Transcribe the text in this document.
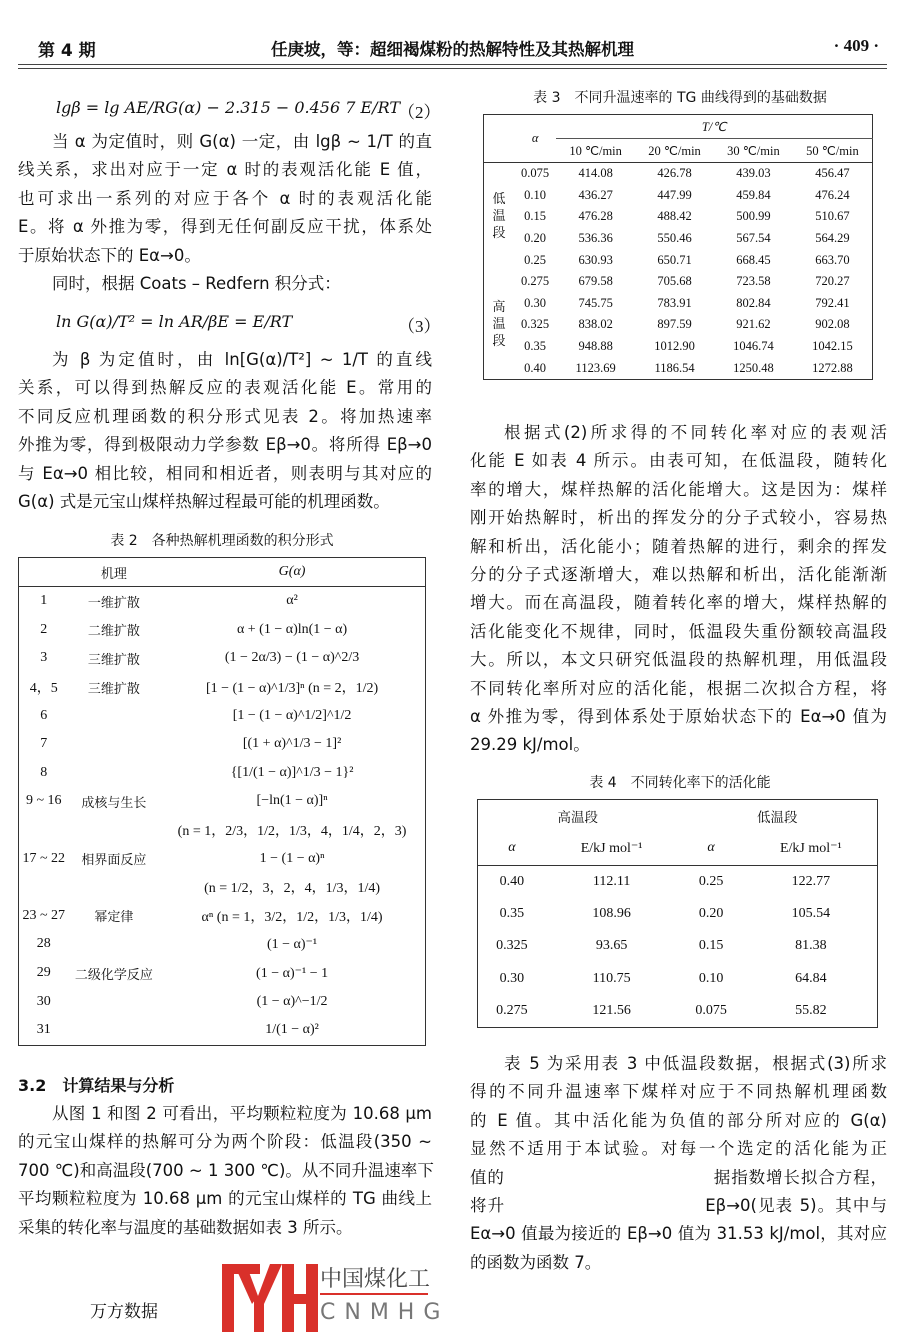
第 4 期	任庚坡，等：超细褐煤粉的热解特性及其热解机理	· 409 ·
lgβ = lg AE/RG(α) − 2.315 − 0.456 7 E/RT
（2）
当 α 为定值时，则 G(α) 一定，由 lgβ ~ 1/T 的直
线关系，求出对应于一定 α 时的表观活化能 E 值，
也可求出一系列的对应于各个 α 时的表观活化能
E。将 α 外推为零，得到无任何副反应干扰，体系处
于原始状态下的 Eα→0。
同时，根据 Coats – Redfern 积分式：
ln G(α)/T² = ln AR/βE = E/RT	（3）
为 β 为定值时，由 ln[G(α)/T²] ~ 1/T 的直线
关系，可以得到热解反应的表观活化能 E。常用的
不同反应机理函数的积分形式见表 2。将加热速率
外推为零，得到极限动力学参数 Eβ→0。将所得 Eβ→0
与 Eα→0 相比较，相同和相近者，则表明与其对应的
G(α) 式是元宝山煤样热解过程最可能的机理函数。
表 2　各种热解机理函数的积分形式
	机理	G(α)
1	一维扩散	α²
2	二维扩散	α + (1 − α)ln(1 − α)
3	三维扩散	(1 − 2α/3) − (1 − α)^2/3
4，5	三维扩散	[1 − (1 − α)^1/3]ⁿ (n = 2，1/2)
6		[1 − (1 − α)^1/2]^1/2
7		[(1 + α)^1/3 − 1]²
8		{[1/(1 − α)]^1/3 − 1}²
9 ~ 16	成核与生长	[−ln(1 − α)]ⁿ
		(n = 1，2/3，1/2，1/3，4，1/4，2，3)
17 ~ 22	相界面反应	1 − (1 − α)ⁿ
		(n = 1/2，3，2，4，1/3，1/4)
23 ~ 27	幂定律	αⁿ (n = 1，3/2，1/2，1/3，1/4)
28		(1 − α)⁻¹
29	二级化学反应	(1 − α)⁻¹ − 1
30		(1 − α)^−1/2
31		1/(1 − α)²
3.2　计算结果与分析
从图 1 和图 2 可看出，平均颗粒粒度为 10.68 μm
的元宝山煤样的热解可分为两个阶段：低温段(350 ~
700 ℃)和高温段(700 ~ 1 300 ℃)。从不同升温速率下
平均颗粒粒度为 10.68 μm 的元宝山煤样的 TG 曲线上
采集的转化率与温度的基础数据如表 3 所示。
万方数据
表 3　不同升温速率的 TG 曲线得到的基础数据
	α	T/℃			
		10 ℃/min	20 ℃/min	30 ℃/min	50 ℃/min
低
温
段	0.075	414.08	426.78	439.03	456.47
	0.10	436.27	447.99	459.84	476.24
	0.15	476.28	488.42	500.99	510.67
	0.20	536.36	550.46	567.54	564.29
	0.25	630.93	650.71	668.45	663.70
高
温
段	0.275	679.58	705.68	723.58	720.27
	0.30	745.75	783.91	802.84	792.41
	0.325	838.02	897.59	921.62	902.08
	0.35	948.88	1012.90	1046.74	1042.15
	0.40	1123.69	1186.54	1250.48	1272.88
根据式(2)所求得的不同转化率对应的表观活
化能 E 如表 4 所示。由表可知，在低温段，随转化
率的增大，煤样热解的活化能增大。这是因为：煤样
刚开始热解时，析出的挥发分的分子式较小，容易热
解和析出，活化能小；随着热解的进行，剩余的挥发
分的分子式逐渐增大，难以热解和析出，活化能渐渐
增大。而在高温段，随着转化率的增大，煤样热解的
活化能变化不规律，同时，低温段失重份额较高温段
大。所以，本文只研究低温段的热解机理，用低温段
不同转化率所对应的活化能，根据二次拟合方程，将
α 外推为零，得到体系处于原始状态下的 Eα→0 值为
29.29 kJ/mol。
表 4　不同转化率下的活化能
高温段		低温段	
α	E/kJ mol⁻¹	α	E/kJ mol⁻¹
0.40	112.11	0.25	122.77
0.35	108.96	0.20	105.54
0.325	93.65	0.15	81.38
0.30	110.75	0.10	64.84
0.275	121.56	0.075	55.82
表 5 为采用表 3 中低温段数据，根据式(3)所求
得的不同升温速率下煤样对应于不同热解机理函数
的 E 值。其中活化能为负值的部分所对应的 G(α)
显然不适用于本试验。对每一个选定的活化能为正
值的　　　　　　　　　　　　据指数增长拟合方程，
将升　　　　　　　　　　　 Eβ→0(见表 5)。其中与
Eα→0 值最为接近的 Eβ→0 值为 31.53 kJ/mol，其对应
的函数为函数 7。
中国煤化工
CNMHG
